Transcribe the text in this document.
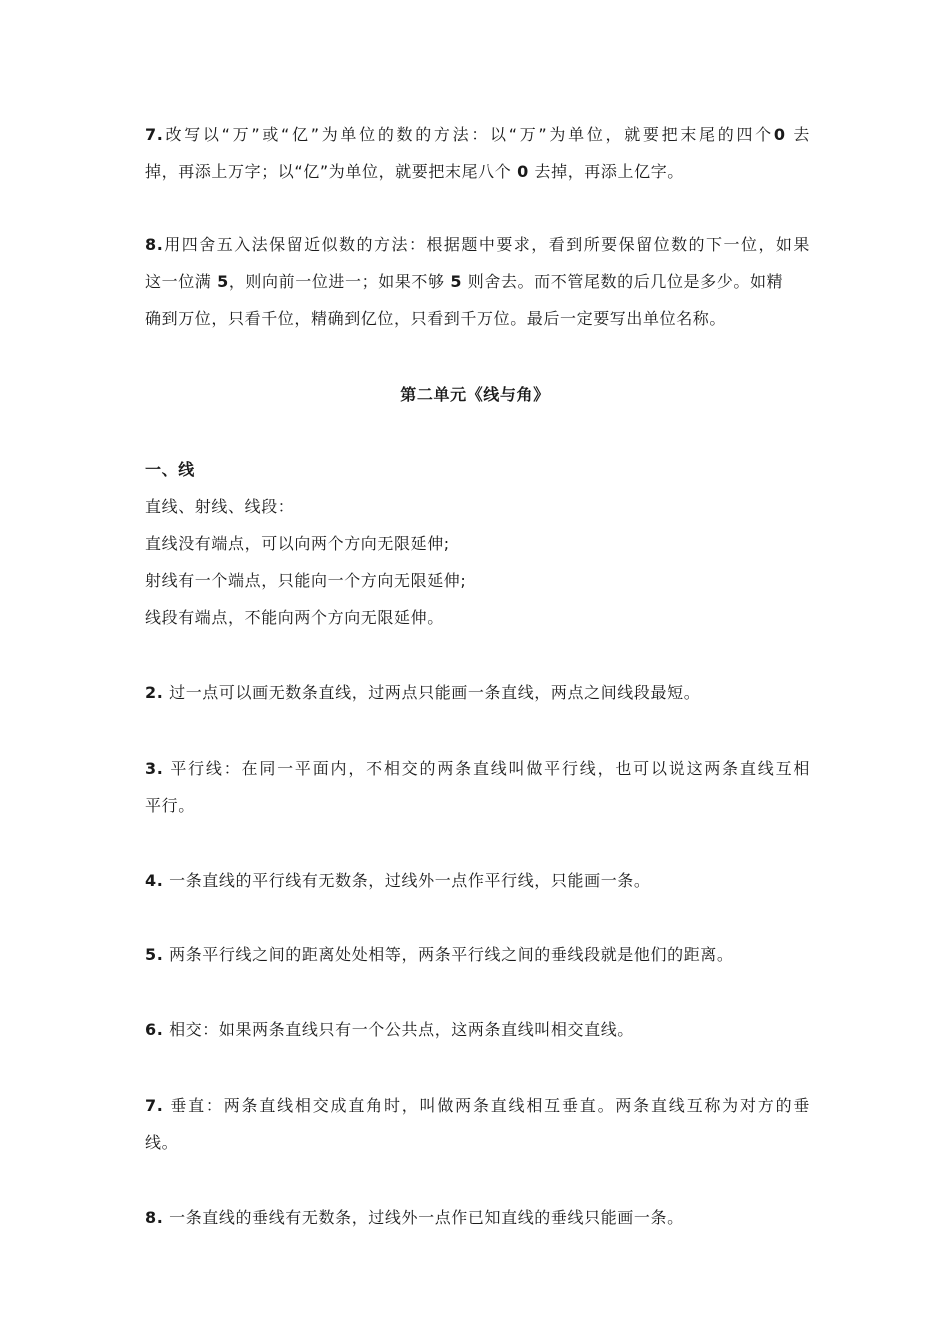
7.改写以“万”或“亿”为单位的数的方法：以“万”为单位，就要把末尾的四个0 去
掉，再添上万字；以“亿”为单位，就要把末尾八个 0 去掉，再添上亿字。
8.用四舍五入法保留近似数的方法：根据题中要求，看到所要保留位数的下一位，如果
这一位满 5，则向前一位进一；如果不够 5 则舍去。而不管尾数的后几位是多少。如精
确到万位，只看千位，精确到亿位，只看到千万位。最后一定要写出单位名称。
第二单元《线与角》
一、线
直线、射线、线段：
直线没有端点，可以向两个方向无限延伸;
射线有一个端点，只能向一个方向无限延伸;
线段有端点，不能向两个方向无限延伸。
2. 过一点可以画无数条直线，过两点只能画一条直线，两点之间线段最短。
3. 平行线：在同一平面内，不相交的两条直线叫做平行线，也可以说这两条直线互相
平行。
4. 一条直线的平行线有无数条，过线外一点作平行线，只能画一条。
5. 两条平行线之间的距离处处相等，两条平行线之间的垂线段就是他们的距离。
6. 相交：如果两条直线只有一个公共点，这两条直线叫相交直线。
7. 垂直：两条直线相交成直角时，叫做两条直线相互垂直。两条直线互称为对方的垂
线。
8. 一条直线的垂线有无数条，过线外一点作已知直线的垂线只能画一条。
